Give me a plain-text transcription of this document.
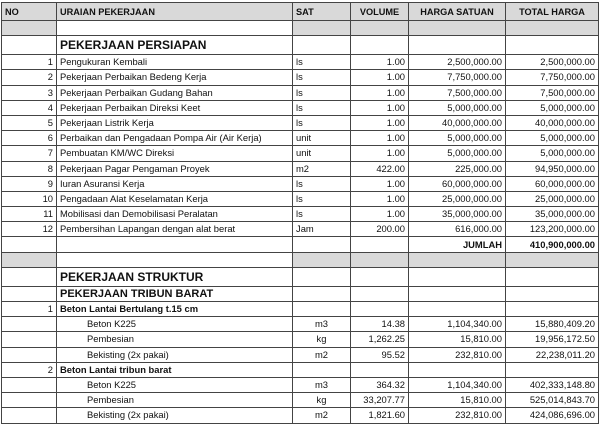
NO	URAIAN PEKERJAAN	SAT	VOLUME	HARGA SATUAN	TOTAL HARGA

	PEKERJAAN PERSIAPAN				
1	Pengukuran Kembali	ls	1.00	2,500,000.00	2,500,000.00
2	Pekerjaan Perbaikan Bedeng Kerja	ls	1.00	7,750,000.00	7,750,000.00
3	Pekerjaan Perbaikan Gudang Bahan	ls	1.00	7,500,000.00	7,500,000.00
4	Pekerjaan Perbaikan Direksi Keet	ls	1.00	5,000,000.00	5,000,000.00
5	Pekerjaan Listrik Kerja	ls	1.00	40,000,000.00	40,000,000.00
6	Perbaikan dan Pengadaan Pompa Air (Air Kerja)	unit	1.00	5,000,000.00	5,000,000.00
7	Pembuatan KM/WC Direksi	unit	1.00	5,000,000.00	5,000,000.00
8	Pekerjaan Pagar Pengaman Proyek	m2	422.00	225,000.00	94,950,000.00
9	Iuran Asuransi Kerja	ls	1.00	60,000,000.00	60,000,000.00
10	Pengadaan Alat Keselamatan Kerja	ls	1.00	25,000,000.00	25,000,000.00
11	Mobilisasi dan Demobilisasi Peralatan	ls	1.00	35,000,000.00	35,000,000.00
12	Pembersihan Lapangan dengan alat berat	Jam	200.00	616,000.00	123,200,000.00
				JUMLAH	410,900,000.00

	PEKERJAAN STRUKTUR				
	PEKERJAAN TRIBUN BARAT				
1	Beton Lantai Bertulang t.15 cm				
	Beton K225	m3	14.38	1,104,340.00	15,880,409.20
	Pembesian	kg	1,262.25	15,810.00	19,956,172.50
	Bekisting (2x pakai)	m2	95.52	232,810.00	22,238,011.20
2	Beton Lantai tribun barat				
	Beton K225	m3	364.32	1,104,340.00	402,333,148.80
	Pembesian	kg	33,207.77	15,810.00	525,014,843.70
	Bekisting (2x pakai)	m2	1,821.60	232,810.00	424,086,696.00
